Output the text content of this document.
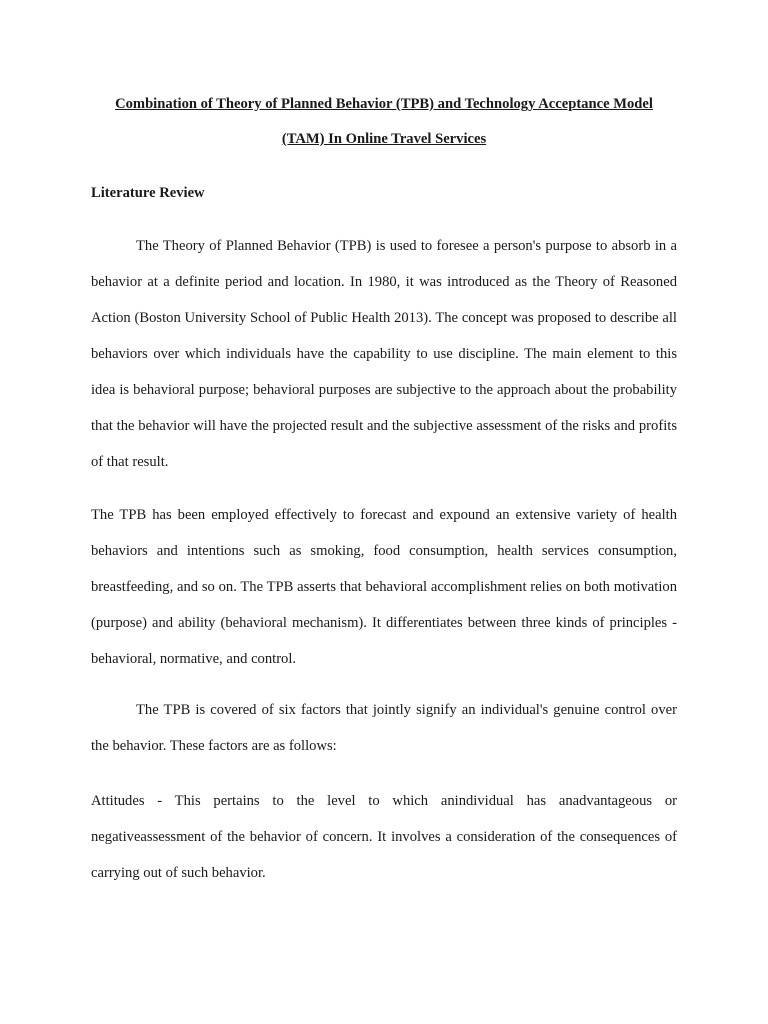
Combination of Theory of Planned Behavior (TPB) and Technology Acceptance Model
(TAM) In Online Travel Services
Literature Review

The Theory of Planned Behavior (TPB) is used to foresee a person's purpose to absorb in a behavior at a definite period and location. In 1980, it was introduced as the Theory of Reasoned Action (Boston University School of Public Health 2013). The concept was proposed to describe all behaviors over which individuals have the capability to use discipline. The main element to this idea is behavioral purpose; behavioral purposes are subjective to the approach about the probability that the behavior will have the projected result and the subjective assessment of the risks and profits of that result.

The TPB has been employed effectively to forecast and expound an extensive variety of health behaviors and intentions such as smoking, food consumption, health services consumption, breastfeeding, and so on. The TPB asserts that behavioral accomplishment relies on both motivation (purpose) and ability (behavioral mechanism). It differentiates between three kinds of principles - behavioral, normative, and control.

The TPB is covered of six factors that jointly signify an individual's genuine control over the behavior. These factors are as follows:

Attitudes - This pertains to the level to which anindividual has anadvantageous or negativeassessment of the behavior of concern. It involves a consideration of the consequences of carrying out of such behavior.
